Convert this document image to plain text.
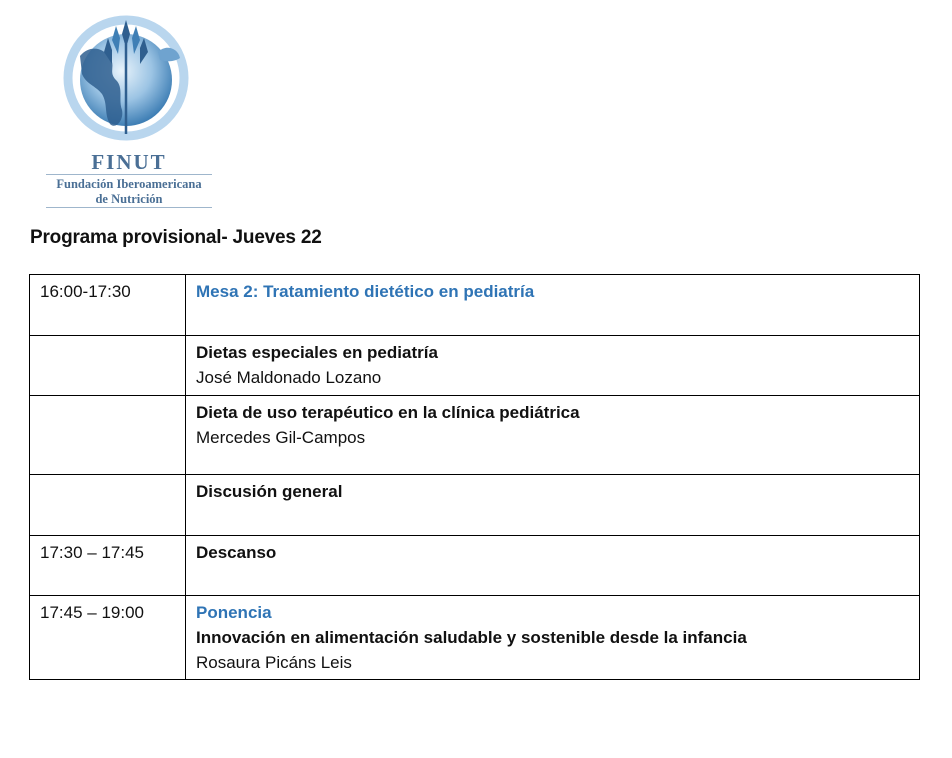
FINUT
Fundación Iberoamericana
de Nutrición
Programa provisional- Jueves 22
16:00-17:30	Mesa 2: Tratamiento dietético en pediatría

	Dietas especiales en pediatría
José Maldonado Lozano

	Dieta de uso terapéutico en la clínica pediátrica
Mercedes Gil-Campos

	Discusión general

17:30 – 17:45	Descanso

17:45 – 19:00	Ponencia
Innovación en alimentación saludable y sostenible desde la infancia
Rosaura Picáns Leis
